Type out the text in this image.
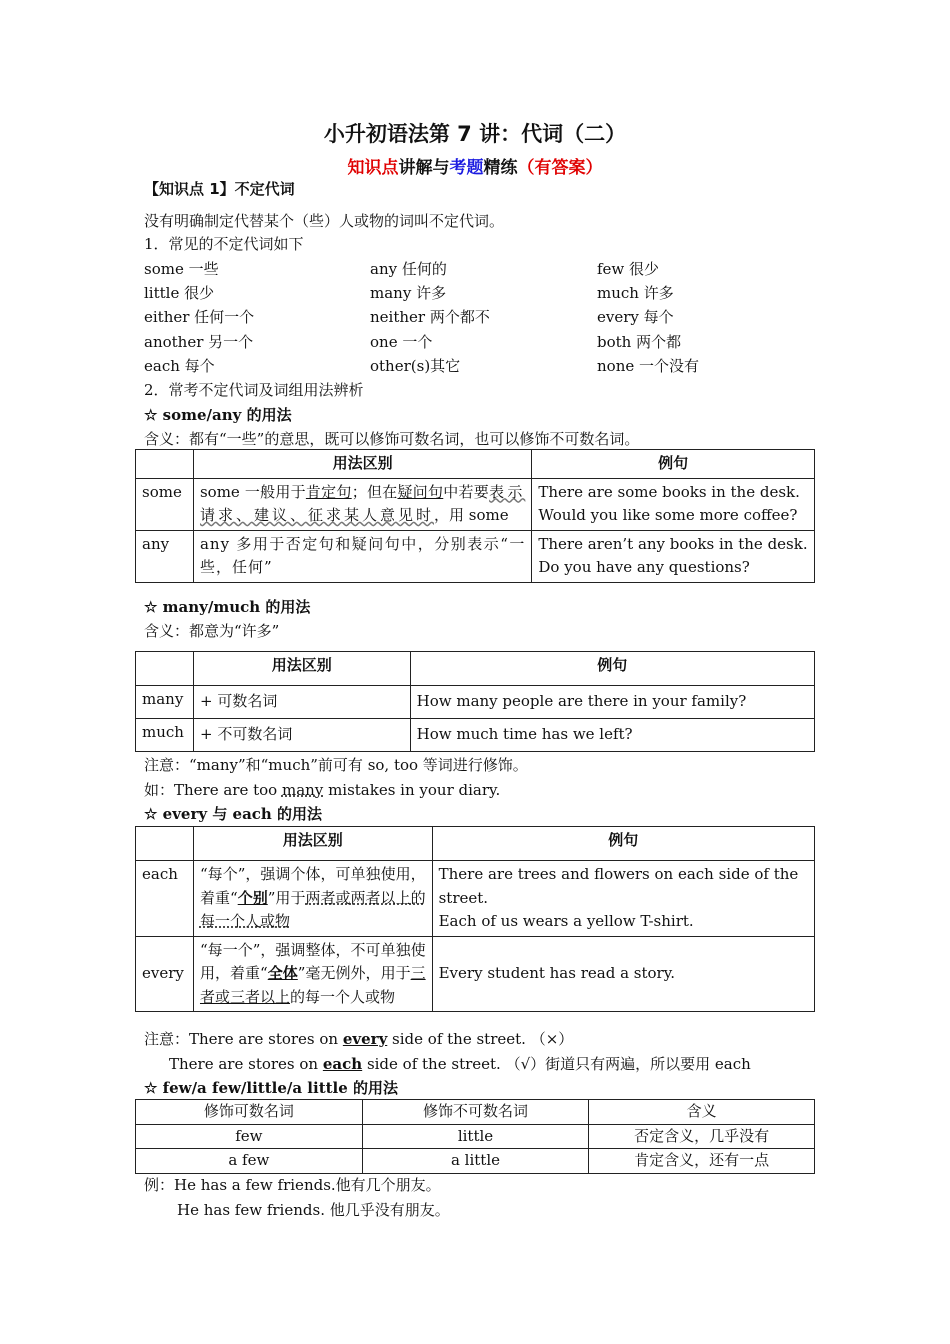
小升初语法第 7 讲：代词（二）
知识点讲解与考题精练（有答案）
【知识点 1】不定代词
没有明确制定代替某个（些）人或物的词叫不定代词。
1．常见的不定代词如下
some 一些	any 任何的	few 很少
little 很少	many 许多	much 许多
either 任何一个	neither 两个都不	every 每个
another 另一个	one 一个	both 两个都
each 每个	other(s)其它	none 一个没有
2．常考不定代词及词组用法辨析
☆ some/any 的用法
含义：都有“一些”的意思，既可以修饰可数名词，也可以修饰不可数名词。
	用法区别	例句
some	some 一般用于肯定句；但在疑问句中若要表示请求、建议、征求某人意见时，用 some	There are some books in the desk.
Would you like some more coffee?

any	any 多用于否定句和疑问句中，分别表示“一些，任何”	There aren’t any books in the desk.
Do you have any questions?
☆ many/much 的用法
含义：都意为“许多”
	用法区别	例句
many	+ 可数名词	How many people are there in your family?
much	+ 不可数名词	How much time has we left?
注意：“many”和“much”前可有 so, too 等词进行修饰。
如：There are too many mistakes in your diary.
☆ every 与 each 的用法
	用法区别	例句
each	“每个”，强调个体，可单独使用，着重“个别”用于两者或两者以上的每一个人或物	There are trees and flowers on each side of the street.
Each of us wears a yellow T-shirt.

every	“每一个”，强调整体，不可单独使用，着重“全体”毫无例外，用于三者或三者以上的每一个人或物	Every student has read a story.
注意：There are stores on every side of the street. （×）
There are stores on each side of the street. （√）街道只有两遍，所以要用 each
☆ few/a few/little/a little 的用法
修饰可数名词	修饰不可数名词	含义
few	little	否定含义，几乎没有
a few	a little	肯定含义，还有一点
例：He has a few friends.他有几个朋友。
He has few friends. 他几乎没有朋友。
